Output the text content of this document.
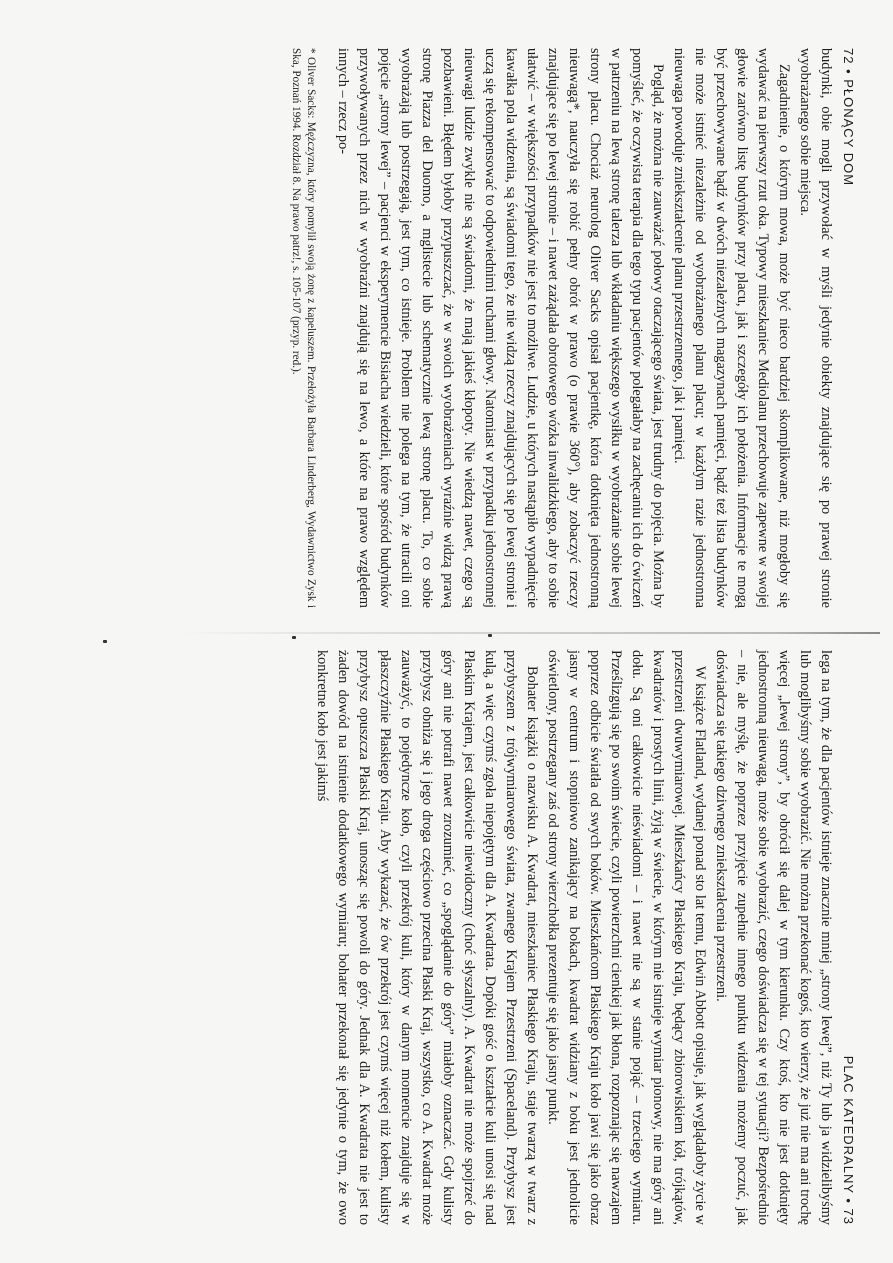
72 • PŁONĄCY DOM

budynki, obie mogli przywołać w myśli jedynie obiekty znajdujące się po prawej stronie wyobrażanego sobie miejsca.

Zagadnienie, o którym mowa, może być nieco bardziej skomplikowane, niż mogłoby się wydawać na pierwszy rzut oka. Typowy mieszkaniec Mediolanu przechowuje zapewne w swojej głowie zarówno listę budynków przy placu, jak i szczegóły ich położenia. Informacje te mogą być przechowywane bądź w dwóch niezależnych magazynach pamięci, bądź też lista budynków nie może istnieć niezależnie od wyobrażanego planu placu; w każdym razie jednostronna nieuwaga powoduje zniekształcenie planu przestrzennego, jak i pamięci.

Pogląd, że można nie zauważać połowy otaczającego świata, jest trudny do pojęcia. Można by pomyśleć, że oczywista terapia dla tego typu pacjentów polegałaby na zachęcaniu ich do ćwiczeń w patrzeniu na lewą stronę talerza lub wkładaniu większego wysiłku w wyobrażanie sobie lewej strony placu. Chociaż neurolog Oliver Sacks opisał pacjentkę, która dotknięta jednostronną nieuwagą*, nauczyła się robić pełny obrót w prawo (o prawie 360°), aby zobaczyć rzeczy znajdujące się po lewej stronie – i nawet zażądała obrotowego wózka inwalidzkiego, aby to sobie ułatwić – w większości przypadków nie jest to możliwe. Ludzie, u których nastąpiło wypadnięcie kawałka pola widzenia, są świadomi tego, że nie widzą rzeczy znajdujących się po lewej stronie i uczą się rekompensować to odpowiednimi ruchami głowy. Natomiast w przypadku jednostronnej nieuwagi ludzie zwykle nie są świadomi, że mają jakieś kłopoty. Nie wiedzą nawet, czego są pozbawieni. Błędem byłoby przypuszczać, że w swoich wyobrażeniach wyraźnie widzą prawą stronę Piazza del Duomo, a mglistecie lub schematycznie lewą stronę placu. To, co sobie wyobrażają lub postrzegają, jest tym, co istnieje. Problem nie polega na tym, że utracili oni pojęcie „strony lewej” – pacjenci w eksperymencie Bisiacha wiedzieli, które spośród budynków przywoływanych przez nich w wyobraźni znajdują się na lewo, a które na prawo względem innych – rzecz po-

* Oliver Sacks: Mężczyzna, który pomylił swoją żonę z kapeluszem. Przełożyła Barbara Linderberg, Wydawnictwo Zysk i Ska, Poznań 1994. Rozdział 8. Na prawo patrz!, s. 105-107 (przyp. red.).
PLAC KATEDRALNY • 73

lega na tym, że dla pacjentów istnieje znacznie mniej „strony lewej”, niż Ty lub ja widzielibyśmy lub moglibyśmy sobie wyobrazić. Nie można przekonać kogoś, kto wierzy, że już nie ma ani trochę więcej „lewej strony”, by obrócił się dalej w tym kierunku. Czy ktoś, kto nie jest dotknięty jednostronną nieuwagą, może sobie wyobrazić, czego doświadcza się w tej sytuacji? Bezpośrednio – nie, ale myślę, że poprzez przyjęcie zupełnie innego punktu widzenia możemy poczuć, jak doświadcza się takiego dziwnego zniekształcenia przestrzeni.

W książce Flatland, wydanej ponad sto lat temu, Edwin Abbott opisuje, jak wyglądałoby życie w przestrzeni dwuwymiarowej. Mieszkańcy Płaskiego Kraju, będący zbiorowiskiem kół, trójkątów, kwadratów i prostych linii, żyją w świecie, w którym nie istnieje wymiar pionowy, nie ma góry ani dołu. Są oni całkowicie nieświadomi – i nawet nie są w stanie pojąć – trzeciego wymiaru. Prześlizgują się po swoim świecie, czyli powierzchni cienkiej jak błona, rozpoznając się nawzajem poprzez odbicie światła od swych boków. Mieszkańcom Płaskiego Kraju koło jawi się jako obraz jasny w centrum i stopniowo zanikający na bokach, kwadrat widziany z boku jest jednolicie oświetlony, postrzegany zaś od strony wierzchołka prezentuje się jako jasny punkt.

Bohater książki o nazwisku A. Kwadrat, mieszkaniec Płaskiego Kraju, staje twarzą w twarz z przybyszem z trójwymiarowego świata, zwanego Krajem Przestrzeni (Spaceland). Przybysz jest kulą, a więc czymś zgoła niepojętym dla A. Kwadrata. Dopóki gość o kształcie kuli unosi się nad Płaskim Krajem, jest całkowicie niewidoczny (choć słyszalny). A. Kwadrat nie może spojrzeć do góry ani nie potrafi nawet zrozumieć, co „spoglądanie do góry” miałoby oznaczać. Gdy kulisty przybysz obniża się i jego droga częściowo przecina Płaski Kraj, wszystko, co A. Kwadrat może zauważyć, to pojedyncze koło, czyli przekrój kuli, który w danym momencie znajduje się w płaszczyźnie Płaskiego Kraju. Aby wykazać, że ów przekrój jest czymś więcej niż kołem, kulisty przybysz opuszcza Płaski Kraj, unosząc się powoli do góry. Jednak dla A. Kwadrata nie jest to żaden dowód na istnienie dodatkowego wymiaru; bohater przekonał się jedynie o tym, że owo konkretne koło jest jakimś
